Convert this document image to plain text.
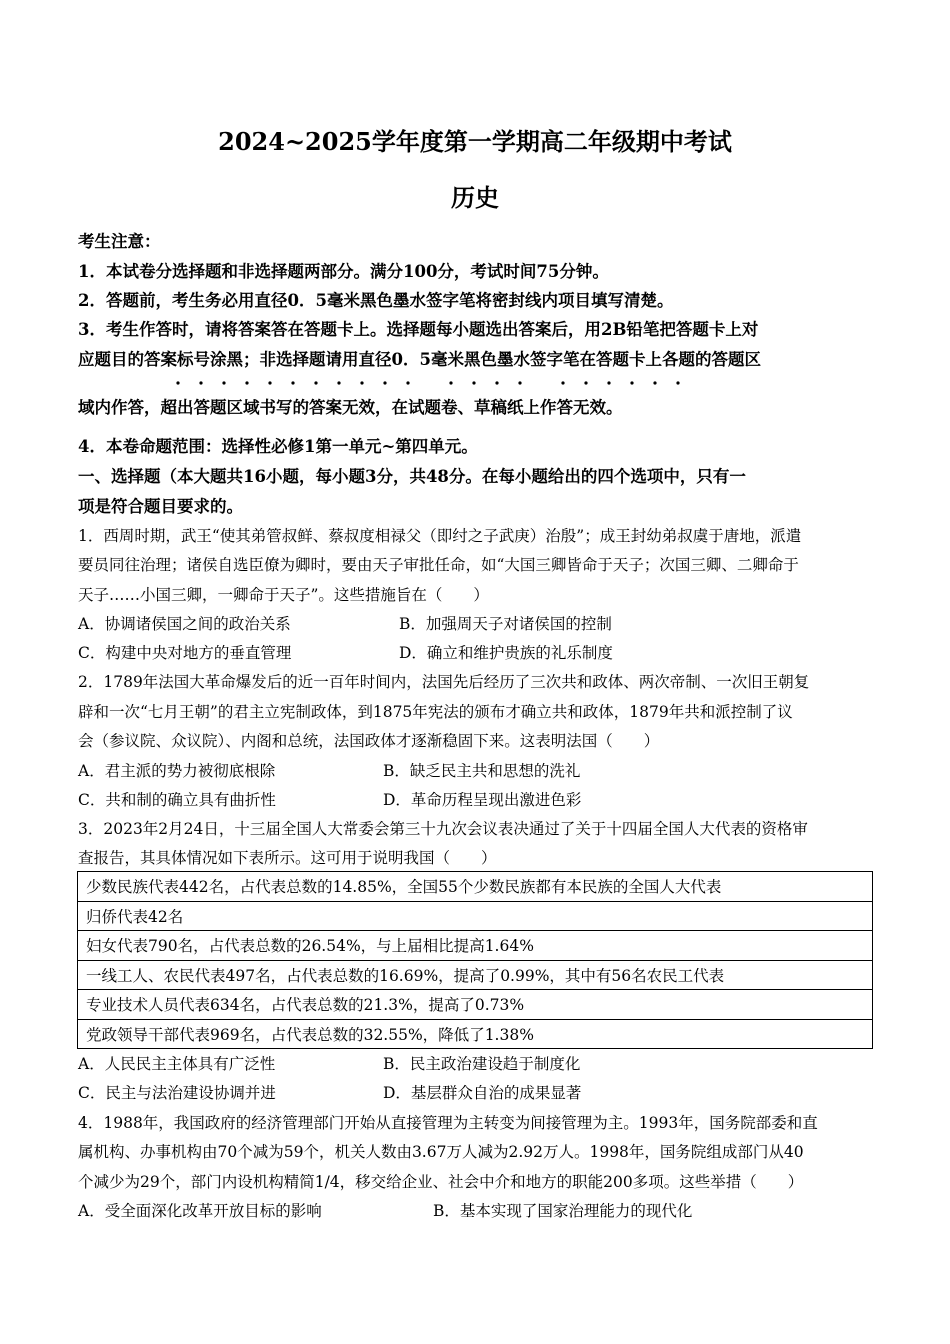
2024~2025学年度第一学期高二年级期中考试
历史
考生注意：
1．本试卷分选择题和非选择题两部分。满分100分，考试时间75分钟。
2．答题前，考生务必用直径0．5毫米黑色墨水签字笔将密封线内项目填写清楚。
3．考生作答时，请将答案答在答题卡上。选择题每小题选出答案后，用2B铅笔把答题卡上对
应题目的答案标号涂黑；非选择题请用直径0．5毫米黑色墨水签字笔在答题卡上各题的答题区
域内作答，超出答题区域书写的答案无效，在试题卷、草稿纸上作答无效。
4．本卷命题范围：选择性必修1第一单元~第四单元。
一、选择题（本大题共16小题，每小题3分，共48分。在每小题给出的四个选项中，只有一
项是符合题目要求的。
1．西周时期，武王“使其弟管叔鲜、蔡叔度相禄父（即纣之子武庚）治殷”；成王封幼弟叔虞于唐地，派遣
要员同往治理；诸侯自选臣僚为卿时，要由天子审批任命，如“大国三卿皆命于天子；次国三卿、二卿命于
天子……小国三卿，一卿命于天子”。这些措施旨在（　　）
A．协调诸侯国之间的政治关系	B．加强周天子对诸侯国的控制
C．构建中央对地方的垂直管理	D．确立和维护贵族的礼乐制度
2．1789年法国大革命爆发后的近一百年时间内，法国先后经历了三次共和政体、两次帝制、一次旧王朝复
辟和一次“七月王朝”的君主立宪制政体，到1875年宪法的颁布才确立共和政体，1879年共和派控制了议
会（参议院、众议院）、内阁和总统，法国政体才逐渐稳固下来。这表明法国（　　）
A．君主派的势力被彻底根除	B．缺乏民主共和思想的洗礼
C．共和制的确立具有曲折性	D．革命历程呈现出激进色彩
3．2023年2月24日，十三届全国人大常委会第三十九次会议表决通过了关于十四届全国人大代表的资格审
查报告，其具体情况如下表所示。这可用于说明我国（　　）
少数民族代表442名，占代表总数的14.85%，全国55个少数民族都有本民族的全国人大代表
归侨代表42名
妇女代表790名，占代表总数的26.54%，与上届相比提高1.64%
一线工人、农民代表497名，占代表总数的16.69%，提高了0.99%，其中有56名农民工代表
专业技术人员代表634名，占代表总数的21.3%，提高了0.73%
党政领导干部代表969名，占代表总数的32.55%，降低了1.38%
A．人民民主主体具有广泛性	B．民主政治建设趋于制度化
C．民主与法治建设协调并进	D．基层群众自治的成果显著
4．1988年，我国政府的经济管理部门开始从直接管理为主转变为间接管理为主。1993年，国务院部委和直
属机构、办事机构由70个减为59个，机关人数由3.67万人减为2.92万人。1998年，国务院组成部门从40
个减少为29个，部门内设机构精简1/4，移交给企业、社会中介和地方的职能200多项。这些举措（　　）
A．受全面深化改革开放目标的影响	B．基本实现了国家治理能力的现代化
